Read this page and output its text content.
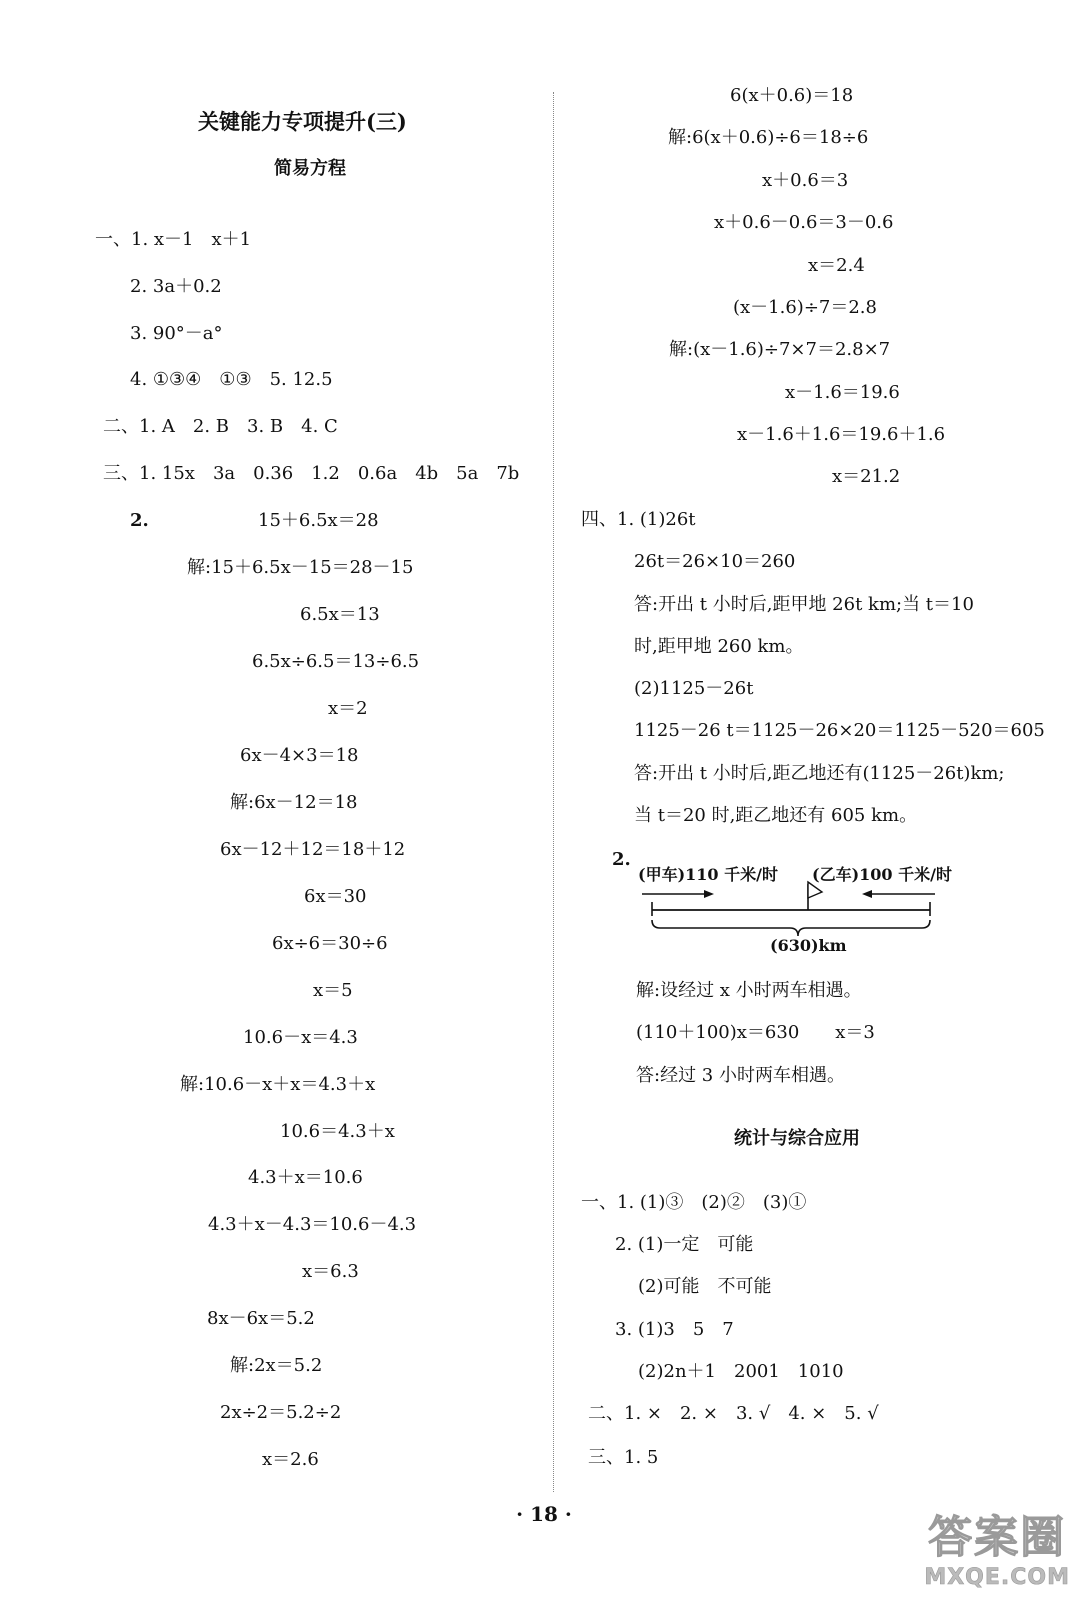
关键能力专项提升(三)
简易方程
一、1. x－1　x＋1
2. 3a＋0.2
3. 90°－a°
4. ①③④　①③　5. 12.5
二、1. A　2. B　3. B　4. C
三、1. 15x　3a　0.36　1.2　0.6a　4b　5a　7b
2.	15＋6.5x＝28
解:15＋6.5x－15＝28－15
6.5x＝13
6.5x÷6.5＝13÷6.5
x＝2
6x－4×3＝18
解:6x－12＝18
6x－12＋12＝18＋12
6x＝30
6x÷6＝30÷6
x＝5
10.6－x＝4.3
解:10.6－x＋x＝4.3＋x
10.6＝4.3＋x
4.3＋x＝10.6
4.3＋x－4.3＝10.6－4.3
x＝6.3
8x－6x＝5.2
解:2x＝5.2
2x÷2＝5.2÷2
x＝2.6
6(x＋0.6)＝18
解:6(x＋0.6)÷6＝18÷6
x＋0.6＝3
x＋0.6－0.6＝3－0.6
x＝2.4
(x－1.6)÷7＝2.8
解:(x－1.6)÷7×7＝2.8×7
x－1.6＝19.6
x－1.6＋1.6＝19.6＋1.6
x＝21.2
四、1. (1)26t
26t＝26×10＝260
答:开出 t 小时后,距甲地 26t km;当 t＝10
时,距甲地 260 km。
(2)1125－26t
1125－26 t＝1125－26×20＝1125－520＝605
答:开出 t 小时后,距乙地还有(1125－26t)km;
当 t＝20 时,距乙地还有 605 km。
2.
(甲车)110 千米/时 (乙车)100 千米/时
(630)km
解:设经过 x 小时两车相遇。
(110＋100)x＝630　　x＝3
答:经过 3 小时两车相遇。
统计与综合应用
一、1. (1)③　(2)②　(3)①
2. (1)一定　可能
(2)可能　不可能
3. (1)3　5　7
(2)2n＋1　2001　1010
二、1. ×　2. ×　3. √　4. ×　5. √
三、1. 5
· 18 ·	答案圈
MXQE.COM
